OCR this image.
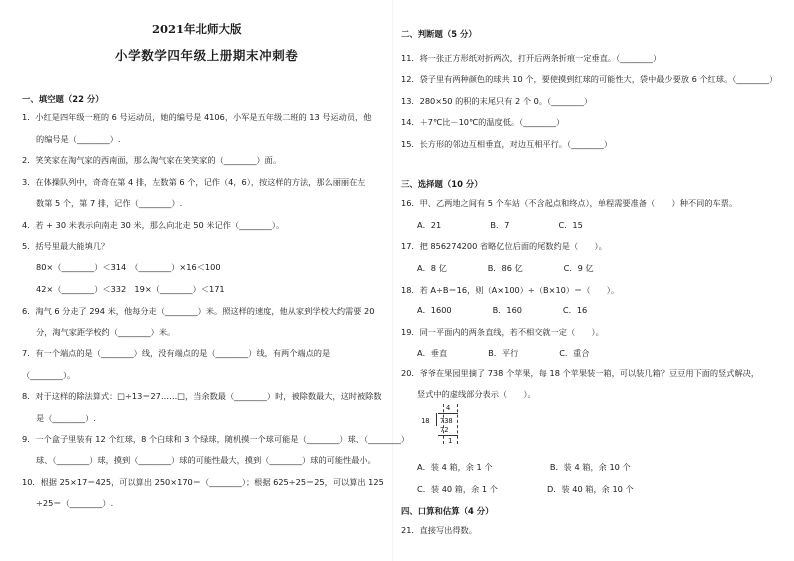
2021年北师大版
小学数学四年级上册期末冲刺卷
一、填空题（22 分）
1．小红是四年级一班的 6 号运动员，她的编号是 4106，小军是五年级二班的 13 号运动员，他
的编号是（________）.
2．笑笑家在淘气家的西南面，那么淘气家在笑笑家的（________）面。
3．在体操队列中，奇奇在第 4 排，左数第 6 个，记作（4，6），按这样的方法，那么丽丽在左
数第 5 个，第 7 排，记作（________）.
4．若 + 30 米表示向南走 30 米，那么向北走 50 米记作（________）。
5．括号里最大能填几？
80×（________）＜314　（________）×16＜100
42×（________）＜332　19×（________）＜171
6．淘气 6 分走了 294 米，他每分走（________）米。照这样的速度，他从家到学校大约需要 20
分，淘气家距学校约（________）米。
7．有一个端点的是（________）线，没有端点的是（________）线，有两个端点的是
（________）。
8．对于这样的除法算式：□÷13＝27……□，当余数最（________）时，被除数最大，这时被除数
是（________）.
9．一个盒子里装有 12 个红球，8 个白球和 3 个绿球，随机摸一个球可能是（________）球、（________）
球、（________）球，摸到（________）球的可能性最大，摸到（________）球的可能性最小。
10．根据 25×17＝425，可以算出 250×170＝（________）；根据 625÷25＝25，可以算出 125
÷25＝（________）.
二、判断题（5 分）
11．将一张正方形纸对折两次，打开后两条折痕一定垂直。（________）
12．袋子里有两种颜色的球共 10 个，要使摸到红球的可能性大，袋中最少要放 6 个红球。（________）
13．280×50 的积的末尾只有 2 个 0。（________）
14．＋7℃比－10℃的温度低。（________）
15．长方形的邻边互相垂直，对边互相平行。（________）
三、选择题（10 分）
16．甲、乙两地之间有 5 个车站（不含起点和终点），单程需要准备（　　）种不同的车票。
A．21　　　　　　B．7　　　　　　C．15
17．把 856274200 省略亿位后面的尾数约是（　　）。
A．8 亿　　　　　B．86 亿　　　　　C．9 亿
18．若 A÷B＝16，则（A×100）÷（B×10）＝（　　）。
A．1600　　　　　B．160　　　　　C．16
19．同一平面内的两条直线，若不相交就一定（　　）。
A．垂直　　　　　B．平行　　　　　C．重合
20．爷爷在果园里摘了 738 个苹果，每 18 个苹果装一箱，可以装几箱？豆豆用下面的竖式解决，
竖式中的虚线部分表示（　　）。
A．装 4 箱，余 1 个　　　　　　　B．装 4 箱，余 10 个
C．装 40 箱，余 1 个　　　　　　D．装 40 箱，余 10 个
四、口算和估算（4 分）
21．直接写出得数。
4
18 738
72
1
